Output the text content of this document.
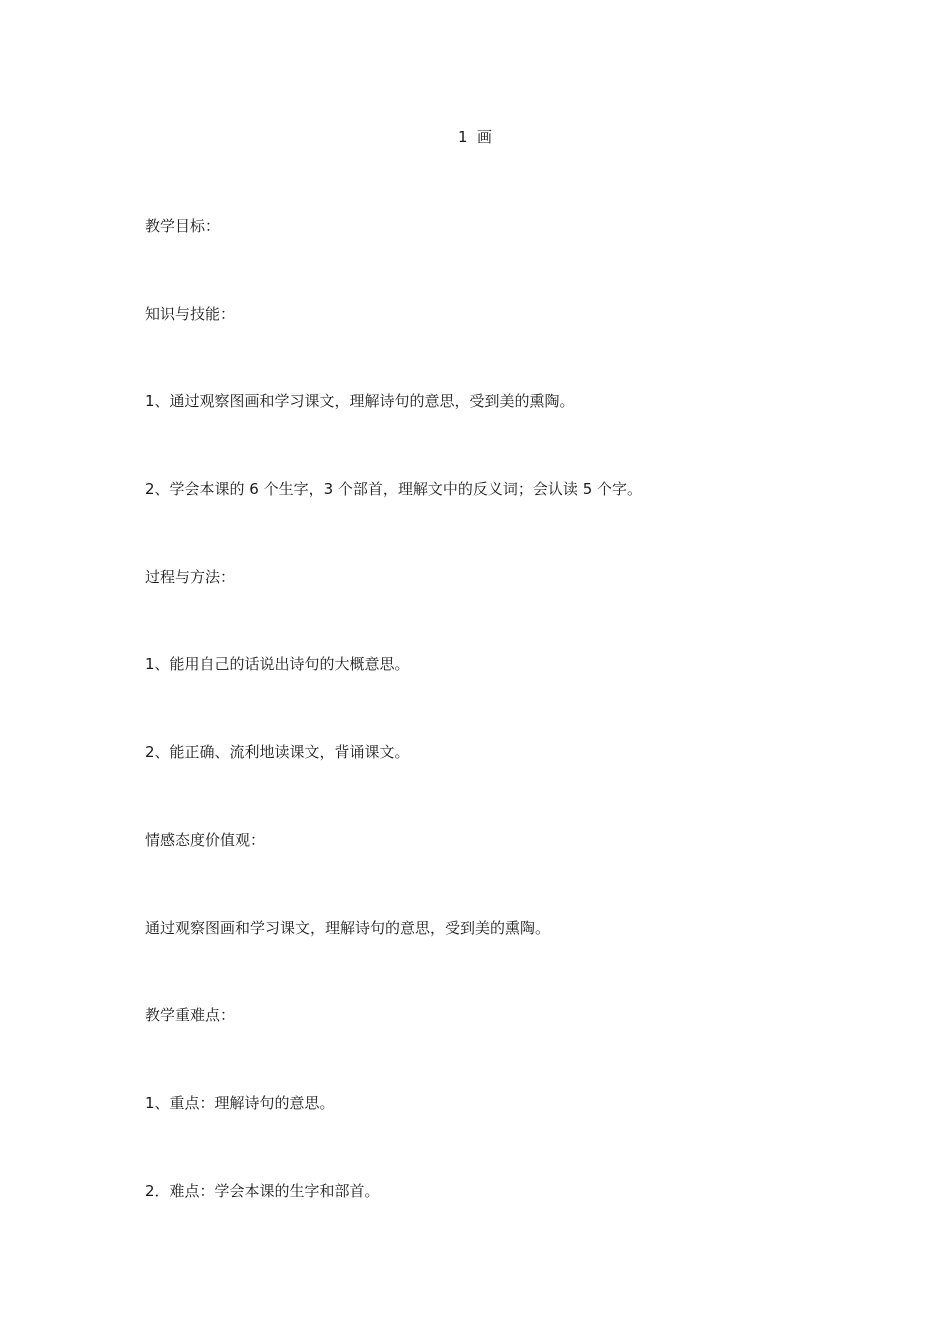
1  画
教学目标：
知识与技能：
1、通过观察图画和学习课文，理解诗句的意思，受到美的熏陶。
2、学会本课的 6 个生字，3 个部首，理解文中的反义词；会认读 5 个字。
过程与方法：
1、能用自己的话说出诗句的大概意思。
2、能正确、流利地读课文，背诵课文。
情感态度价值观：
通过观察图画和学习课文，理解诗句的意思，受到美的熏陶。
教学重难点：
1、重点：理解诗句的意思。
2．难点：学会本课的生字和部首。
